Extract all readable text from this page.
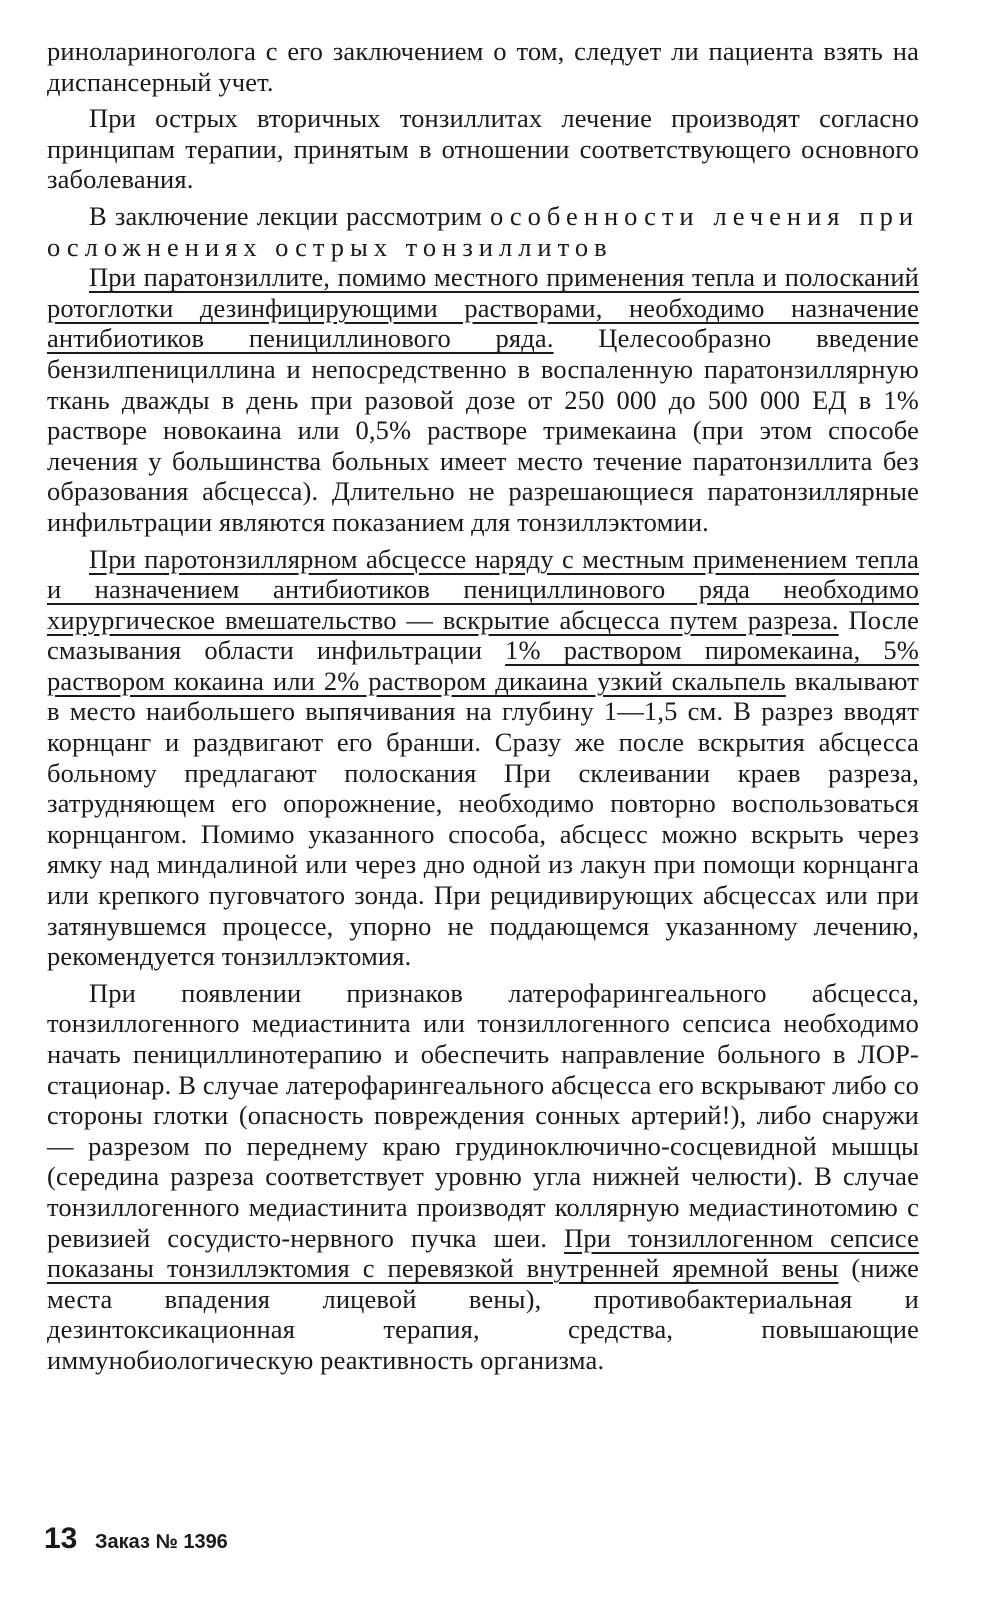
ринолариноголога с его заключением о том, следует ли пациента взять на диспансерный учет.

При острых вторичных тонзиллитах лечение производят согласно принципам терапии, принятым в отношении соответствующего основного заболевания.

В заключение лекции рассмотрим особенности лечения при осложнениях острых тонзиллитов

При паратонзиллите, помимо местного применения тепла и полосканий ротоглотки дезинфицирующими растворами, необходимо назначение антибиотиков пенициллинового ряда. Целесообразно введение бензилпенициллина и непосредственно в воспаленную паратонзиллярную ткань дважды в день при разовой дозе от 250 000 до 500 000 ЕД в 1% растворе новокаина или 0,5% растворе тримекаина (при этом способе лечения у большинства больных имеет место течение паратонзиллита без образования абсцесса). Длительно не разрешающиеся паратонзиллярные инфильтрации являются показанием для тонзиллэктомии.

При паротонзиллярном абсцессе наряду с местным применением тепла и назначением антибиотиков пенициллинового ряда необходимо хирургическое вмешательство — вскрытие абсцесса путем разреза. После смазывания области инфильтрации 1% раствором пиромекаина, 5% раствором кокаина или 2% раствором дикаина узкий скальпель вкалывают в место наибольшего выпячивания на глубину 1—1,5 см. В разрез вводят корнцанг и раздвигают его бранши. Сразу же после вскрытия абсцесса больному предлагают полоскания При склеивании краев разреза, затрудняющем его опорожнение, необходимо повторно воспользоваться корнцангом. Помимо указанного способа, абсцесс можно вскрыть через ямку над миндалиной или через дно одной из лакун при помощи корнцанга или крепкого пуговчатого зонда. При рецидивирующих абсцессах или при затянувшемся процессе, упорно не поддающемся указанному лечению, рекомендуется тонзиллэктомия.

При появлении признаков латерофарингеального абсцесса, тонзиллогенного медиастинита или тонзиллогенного сепсиса необходимо начать пенициллинотерапию и обеспечить направление больного в ЛОР-стационар. В случае латерофарингеального абсцесса его вскрывают либо со стороны глотки (опасность повреждения сонных артерий!), либо снаружи — разрезом по переднему краю грудиноключично-сосцевидной мышцы (середина разреза соответствует уровню угла нижней челюсти). В случае тонзиллогенного медиастинита производят коллярную медиастинотомию с ревизией сосудисто-нервного пучка шеи. При тонзиллогенном сепсисе показаны тонзиллэктомия с перевязкой внутренней яремной вены (ниже места впадения лицевой вены), противобактериальная и дезинтоксикационная терапия, средства, повышающие иммунобиологическую реактивность организма.

13 Заказ № 1396
